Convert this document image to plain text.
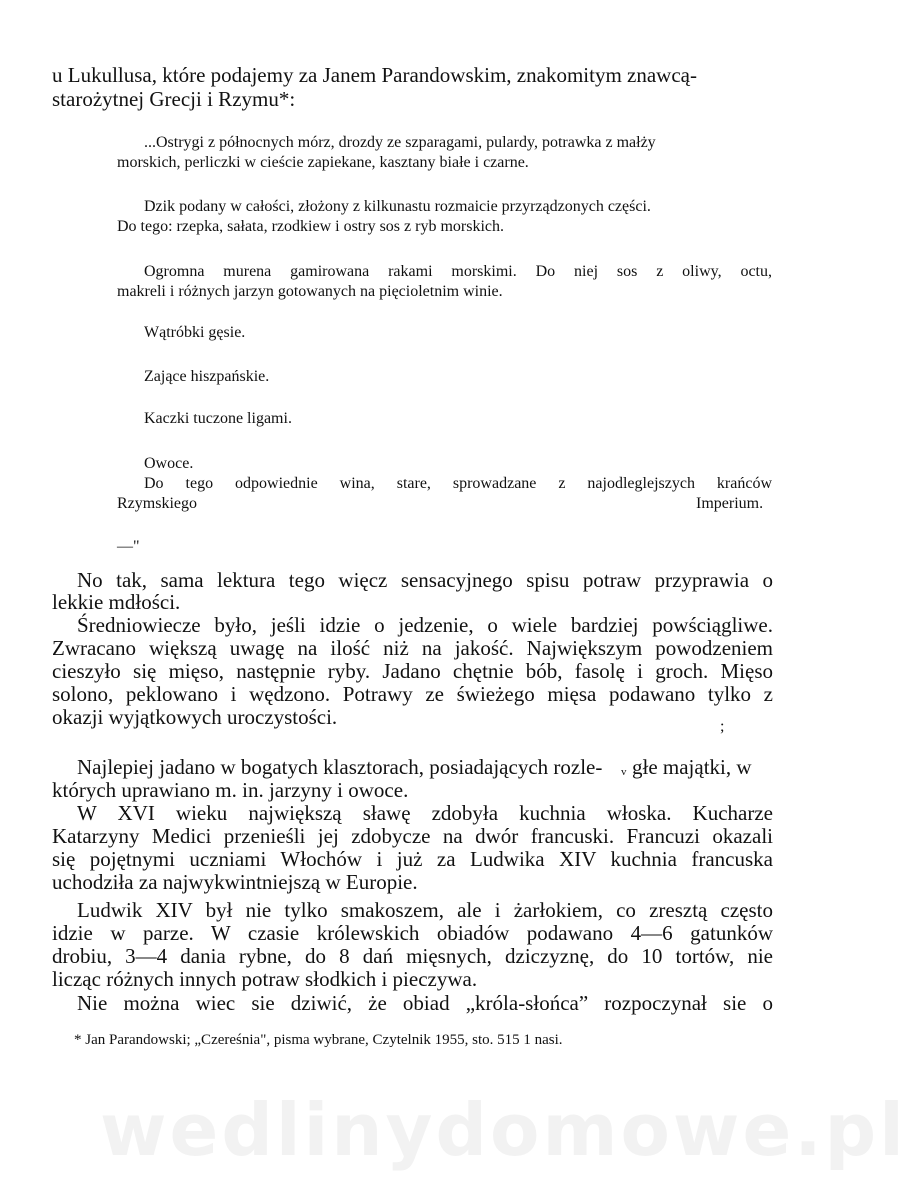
u Lukullusa, które podajemy za Janem Parandowskim, znakomitym znawcą-

starożytnej Grecji i Rzymu*:

...Ostrygi z północnych mórz, drozdy ze szparagami, pulardy, potrawka z małży

morskich, perliczki w cieście zapiekane, kasztany białe i czarne.

Dzik podany w całości, złożony z kilkunastu rozmaicie przyrządzonych części.

Do tego: rzepka, sałata, rzodkiew i ostry sos z ryb morskich.

Ogromna murena gamirowana rakami morskimi. Do niej sos z oliwy, octu,

makreli i różnych jarzyn gotowanych na pięcioletnim winie.

Wątróbki gęsie.

Zające hiszpańskie.

Kaczki tuczone ligami.

Owoce.

Do tego odpowiednie wina, stare, sprowadzane z najodleglejszych krańców

Rzymskiego	Imperium.

—"

No tak, sama lektura tego więcz sensacyjnego spisu potraw przyprawia o

lekkie mdłości.

Średniowiecze było, jeśli idzie o jedzenie, o wiele bardziej powściągliwe.

Zwracano większą uwagę na ilość niż na jakość. Największym powodzeniem

cieszyło się mięso, następnie ryby. Jadano chętnie bób, fasolę i groch. Mięso

solono, peklowano i wędzono. Potrawy ze świeżego mięsa podawano tylko z

okazji wyjątkowych uroczystości.	;

Najlepiej jadano w bogatych klasztorach, posiadających rozle- v głe majątki, w

których uprawiano m. in. jarzyny i owoce.

W XVI wieku największą sławę zdobyła kuchnia włoska. Kucharze

Katarzyny Medici przenieśli jej zdobycze na dwór francuski. Francuzi okazali

się pojętnymi uczniami Włochów i już za Ludwika XIV kuchnia francuska

uchodziła za najwykwintniejszą w Europie.

Ludwik XIV był nie tylko smakoszem, ale i żarłokiem, co zresztą często

idzie w parze. W czasie królewskich obiadów podawano 4—6 gatunków

drobiu, 3—4 dania rybne, do 8 dań mięsnych, dziczyznę, do 10 tortów, nie

licząc różnych innych potraw słodkich i pieczywa.

Nie można wiec sie dziwić, że obiad „króla-słońca” rozpoczynał sie o

* Jan Parandowski; „Czereśnia", pisma wybrane, Czytelnik 1955, sto. 515 1 nasi.

wedlinydomowe.pl
